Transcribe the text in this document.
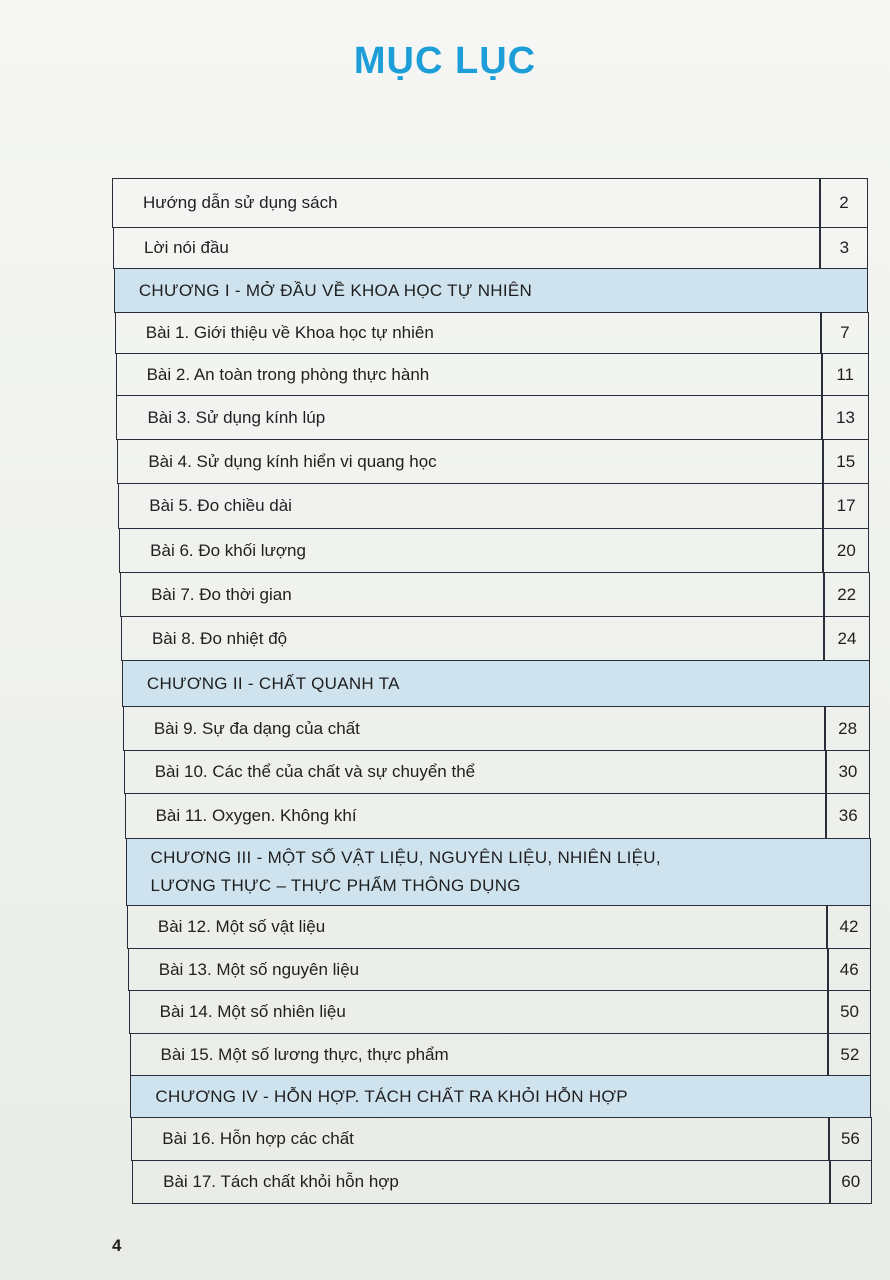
MỤC LỤC
Hướng dẫn sử dụng sách	2
Lời nói đầu	3
CHƯƠNG I - MỞ ĐẦU VỀ KHOA HỌC TỰ NHIÊN
Bài 1. Giới thiệu về Khoa học tự nhiên	7
Bài 2. An toàn trong phòng thực hành	11
Bài 3. Sử dụng kính lúp	13
Bài 4. Sử dụng kính hiển vi quang học	15
Bài 5. Đo chiều dài	17
Bài 6. Đo khối lượng	20
Bài 7. Đo thời gian	22
Bài 8. Đo nhiệt độ	24
CHƯƠNG II - CHẤT QUANH TA
Bài 9. Sự đa dạng của chất	28
Bài 10. Các thể của chất và sự chuyển thể	30
Bài 11. Oxygen. Không khí	36
CHƯƠNG III - MỘT SỐ VẬT LIỆU, NGUYÊN LIỆU, NHIÊN LIỆU,
LƯƠNG THỰC – THỰC PHẨM THÔNG DỤNG
Bài 12. Một số vật liệu	42
Bài 13. Một số nguyên liệu	46
Bài 14. Một số nhiên liệu	50
Bài 15. Một số lương thực, thực phẩm	52
CHƯƠNG IV - HỖN HỢP. TÁCH CHẤT RA KHỎI HỖN HỢP
Bài 16. Hỗn hợp các chất	56
Bài 17. Tách chất khỏi hỗn hợp	60
4
